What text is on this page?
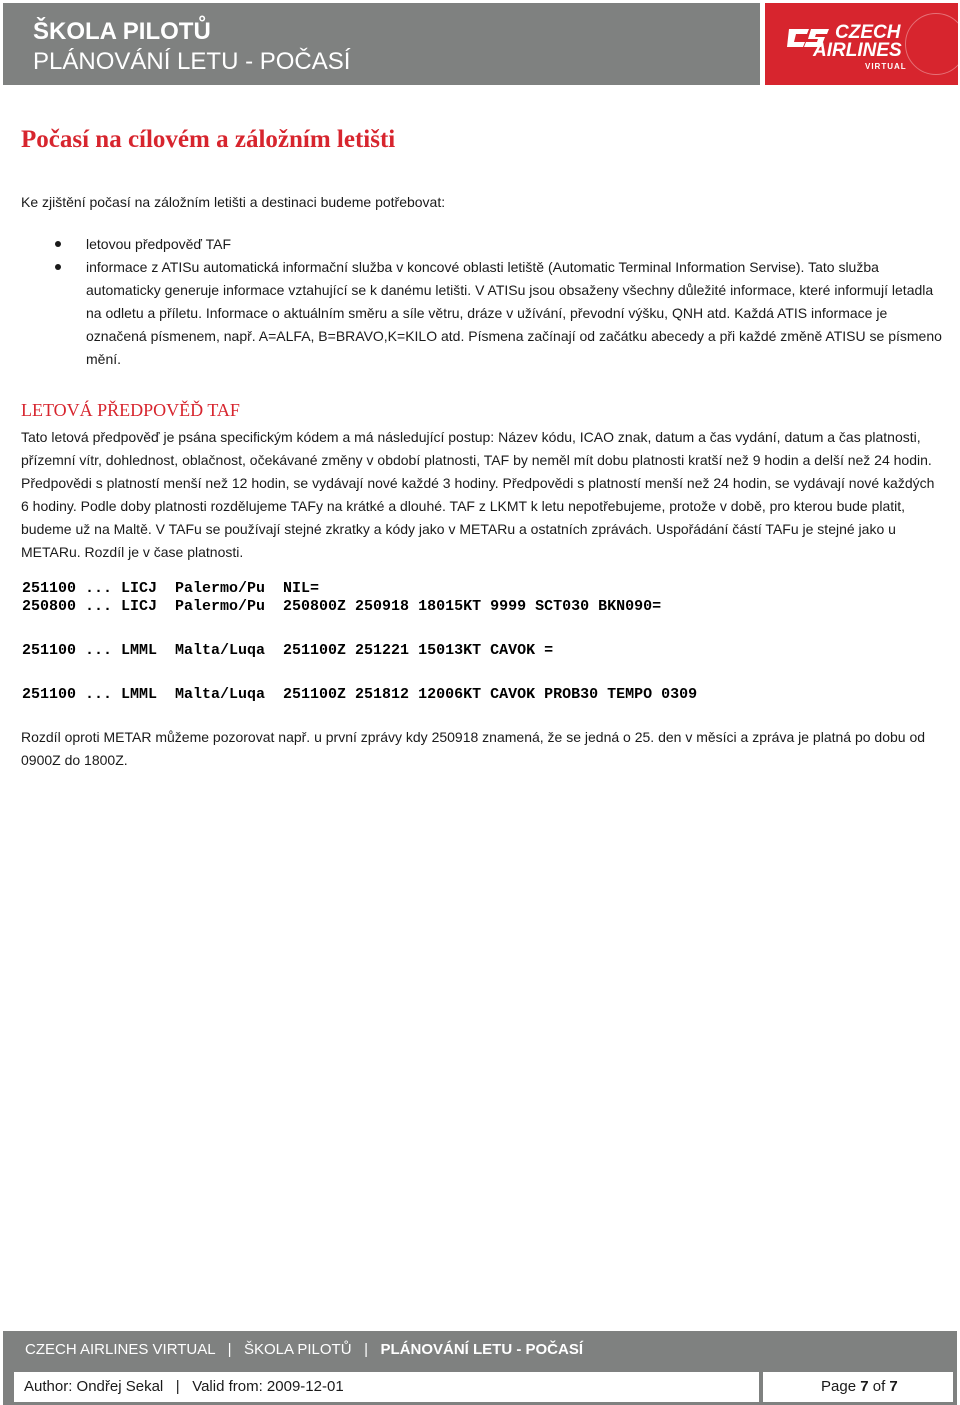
ŠKOLA PILOTŮ
PLÁNOVÁNÍ LETU - POČASÍ
CZECH
AIRLINES
VIRTUAL
Počasí na cílovém a záložním letišti

Ke zjištění počasí na záložním letišti a destinaci budeme potřebovat:

letovou předpověď TAF
informace z ATISu automatická informační služba v koncové oblasti letiště (Automatic Terminal Information Servise). Tato služba automaticky generuje informace vztahující se k danému letišti. V ATISu jsou obsaženy všechny důležité informace, které informují letadla na odletu a příletu. Informace o aktuálním směru a síle větru, dráze v užívání, převodní výšku, QNH atd. Každá ATIS informace je označená písmenem, např. A=ALFA, B=BRAVO,K=KILO atd. Písmena začínají od začátku abecedy a při každé změně ATISU se písmeno mění.
LETOVÁ PŘEDPOVĚĎ TAF

Tato letová předpověď je psána specifickým kódem a má následující postup: Název kódu, ICAO znak, datum a čas vydání, datum a čas platnosti, přízemní vítr, dohlednost, oblačnost, očekávané změny v období platnosti, TAF by neměl mít dobu platnosti kratší než 9 hodin a delší než 24 hodin. Předpovědi s platností menší než 12 hodin, se vydávají nové každé 3 hodiny. Předpovědi s platností menší než 24 hodin, se vydávají nové každých 6 hodiny. Podle doby platnosti rozdělujeme TAFy na krátké a dlouhé. TAF z LKMT k letu nepotřebujeme, protože v době, pro kterou bude platit, budeme už na Maltě. V TAFu se používají stejné zkratky a kódy jako v METARu a ostatních zprávách. Uspořádání částí TAFu je stejné jako u METARu. Rozdíl je v čase platnosti.

251100 ... LICJ  Palermo/Pu  NIL=
250800 ... LICJ  Palermo/Pu  250800Z 250918 18015KT 9999 SCT030 BKN090=
251100 ... LMML  Malta/Luqa  251100Z 251221 15013KT CAVOK =
251100 ... LMML  Malta/Luqa  251100Z 251812 12006KT CAVOK PROB30 TEMPO 0309

Rozdíl oproti METAR můžeme pozorovat např. u první zprávy kdy 250918 znamená, že se jedná o 25. den v měsíci a zpráva je platná po dobu od 0900Z do 1800Z.

CZECH AIRLINES VIRTUAL | ŠKOLA PILOTŮ | PLÁNOVÁNÍ LETU - POČASÍ
Author: Ondřej Sekal | Valid from: 2009-12-01	Page 7 of 7
